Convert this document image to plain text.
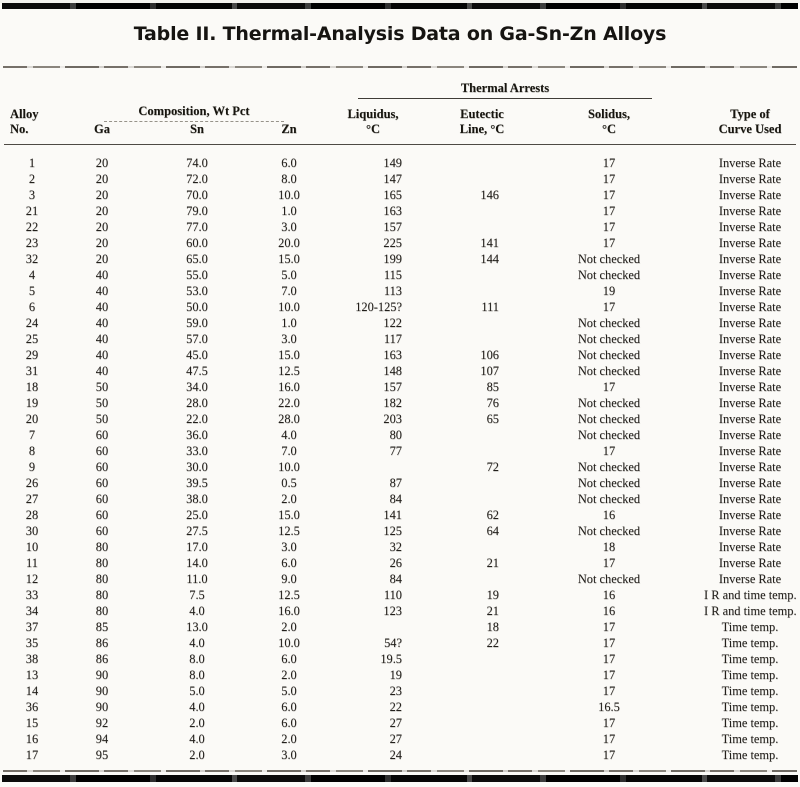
Table II. Thermal-Analysis Data on Ga-Sn-Zn Alloys

				Thermal Arrests			

Alloy	Composition, Wt Pct			Liquidus,	Eutectic	Solidus,	Type of
No.	Ga	Sn	Zn	°C	Line, °C	°C	Curve Used
1	20	74.0	6.0	149		17	Inverse Rate
2	20	72.0	8.0	147		17	Inverse Rate
3	20	70.0	10.0	165	146	17	Inverse Rate
21	20	79.0	1.0	163		17	Inverse Rate
22	20	77.0	3.0	157		17	Inverse Rate
23	20	60.0	20.0	225	141	17	Inverse Rate
32	20	65.0	15.0	199	144	Not checked	Inverse Rate
4	40	55.0	5.0	115		Not checked	Inverse Rate
5	40	53.0	7.0	113		19	Inverse Rate
6	40	50.0	10.0	120-125?	111	17	Inverse Rate
24	40	59.0	1.0	122		Not checked	Inverse Rate
25	40	57.0	3.0	117		Not checked	Inverse Rate
29	40	45.0	15.0	163	106	Not checked	Inverse Rate
31	40	47.5	12.5	148	107	Not checked	Inverse Rate
18	50	34.0	16.0	157	85	17	Inverse Rate
19	50	28.0	22.0	182	76	Not checked	Inverse Rate
20	50	22.0	28.0	203	65	Not checked	Inverse Rate
7	60	36.0	4.0	80		Not checked	Inverse Rate
8	60	33.0	7.0	77		17	Inverse Rate
9	60	30.0	10.0		72	Not checked	Inverse Rate
26	60	39.5	0.5	87		Not checked	Inverse Rate
27	60	38.0	2.0	84		Not checked	Inverse Rate
28	60	25.0	15.0	141	62	16	Inverse Rate
30	60	27.5	12.5	125	64	Not checked	Inverse Rate
10	80	17.0	3.0	32		18	Inverse Rate
11	80	14.0	6.0	26	21	17	Inverse Rate
12	80	11.0	9.0	84		Not checked	Inverse Rate
33	80	7.5	12.5	110	19	16	I R and time temp.
34	80	4.0	16.0	123	21	16	I R and time temp.
37	85	13.0	2.0		18	17	Time temp.
35	86	4.0	10.0	54?	22	17	Time temp.
38	86	8.0	6.0	19.5		17	Time temp.
13	90	8.0	2.0	19		17	Time temp.
14	90	5.0	5.0	23		17	Time temp.
36	90	4.0	6.0	22		16.5	Time temp.
15	92	2.0	6.0	27		17	Time temp.
16	94	4.0	2.0	27		17	Time temp.
17	95	2.0	3.0	24		17	Time temp.
